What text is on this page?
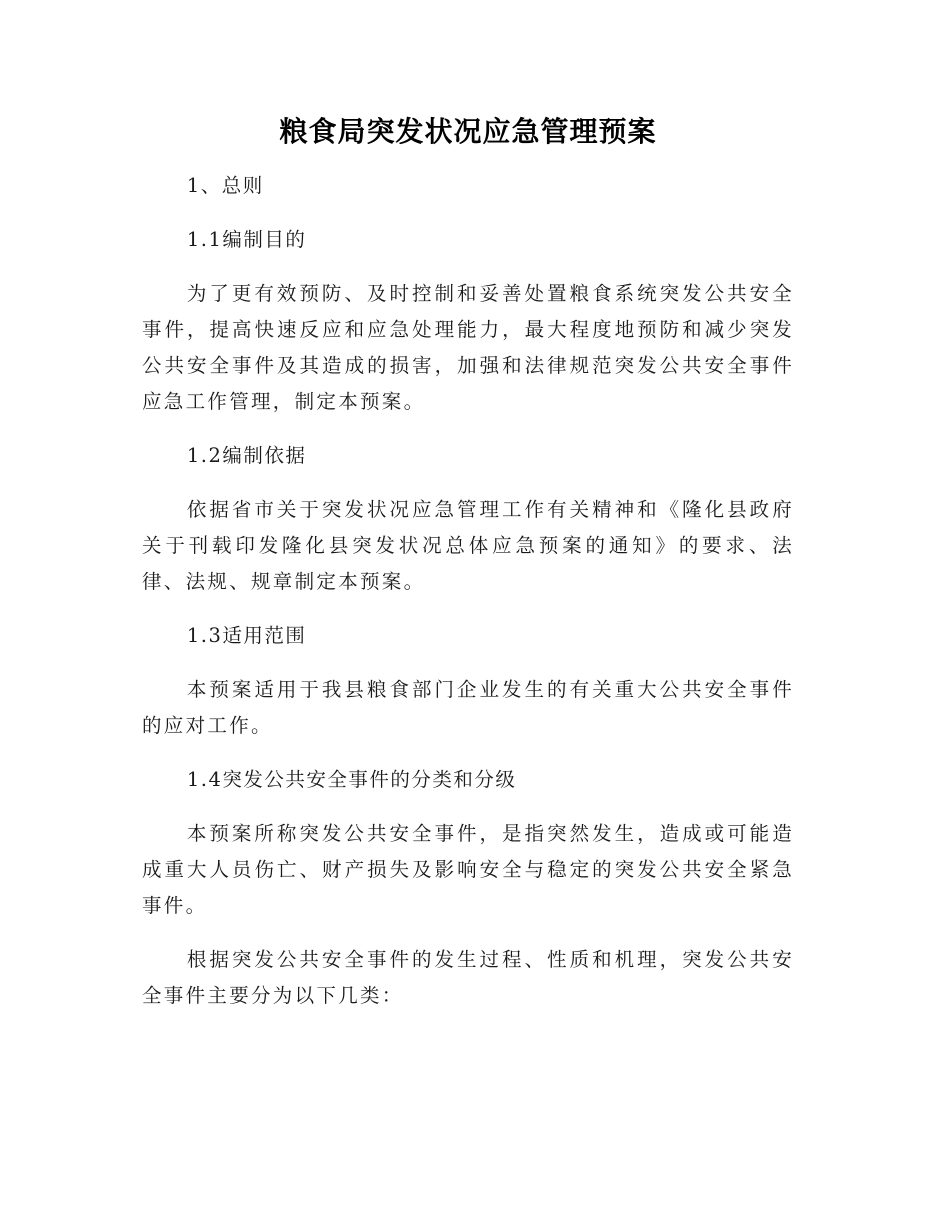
粮食局突发状况应急管理预案

1、总则

1.1编制目的

为了更有效预防、及时控制和妥善处置粮食系统突发公共安全事件，提高快速反应和应急处理能力，最大程度地预防和减少突发公共安全事件及其造成的损害，加强和法律规范突发公共安全事件应急工作管理，制定本预案。

1.2编制依据

依据省市关于突发状况应急管理工作有关精神和《隆化县政府关于刊载印发隆化县突发状况总体应急预案的通知》的要求、法律、法规、规章制定本预案。

1.3适用范围

本预案适用于我县粮食部门企业发生的有关重大公共安全事件的应对工作。

1.4突发公共安全事件的分类和分级

本预案所称突发公共安全事件，是指突然发生，造成或可能造成重大人员伤亡、财产损失及影响安全与稳定的突发公共安全紧急事件。

根据突发公共安全事件的发生过程、性质和机理，突发公共安全事件主要分为以下几类：
